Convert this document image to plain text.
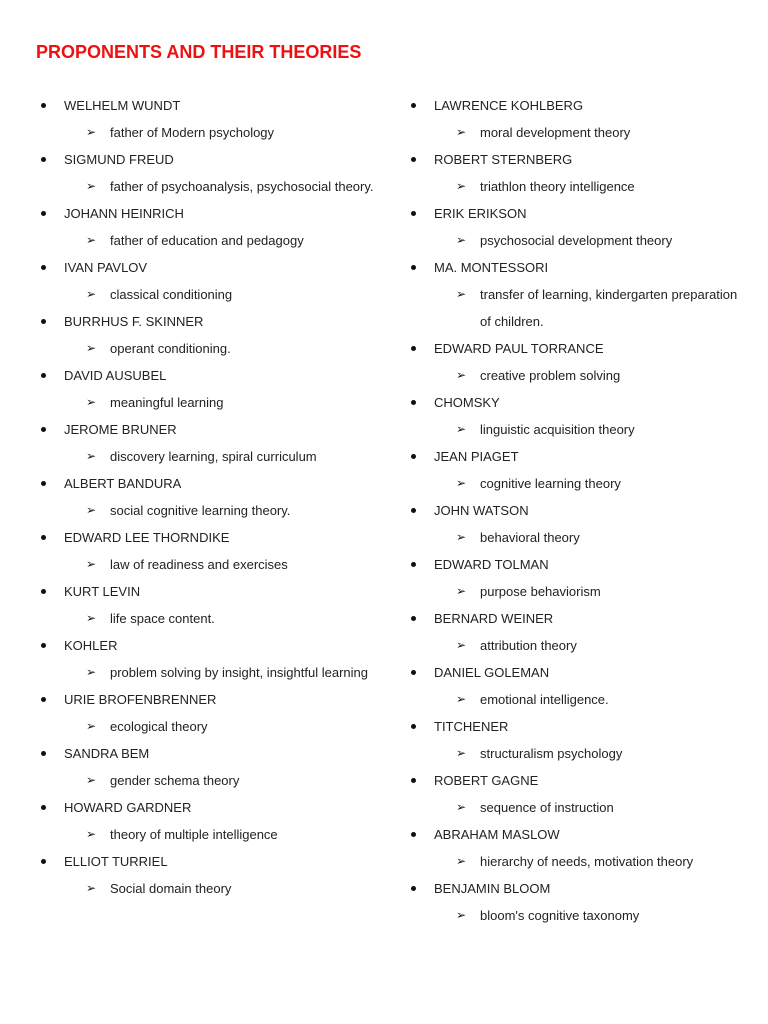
PROPONENTS AND THEIR THEORIES
WELHELM WUNDT
➢ father of Modern psychology
SIGMUND FREUD
➢ father of psychoanalysis, psychosocial theory.
JOHANN HEINRICH
➢ father of education and pedagogy
IVAN PAVLOV
➢ classical conditioning
BURRHUS F. SKINNER
➢ operant conditioning.
DAVID AUSUBEL
➢ meaningful learning
JEROME BRUNER
➢ discovery learning, spiral curriculum
ALBERT BANDURA
➢ social cognitive learning theory.
EDWARD LEE THORNDIKE
➢ law of readiness and exercises
KURT LEVIN
➢ life space content.
KOHLER
➢ problem solving by insight, insightful learning
URIE BROFENBRENNER
➢ ecological theory
SANDRA BEM
➢ gender schema theory
HOWARD GARDNER
➢ theory of multiple intelligence
ELLIOT TURRIEL
➢ Social domain theory
LAWRENCE KOHLBERG
➢ moral development theory
ROBERT STERNBERG
➢ triathlon theory intelligence
ERIK ERIKSON
➢ psychosocial development theory
MA. MONTESSORI
➢ transfer of learning, kindergarten preparation of children.
EDWARD PAUL TORRANCE
➢ creative problem solving
CHOMSKY
➢ linguistic acquisition theory
JEAN PIAGET
➢ cognitive learning theory
JOHN WATSON
➢ behavioral theory
EDWARD TOLMAN
➢ purpose behaviorism
BERNARD WEINER
➢ attribution theory
DANIEL GOLEMAN
➢ emotional intelligence.
TITCHENER
➢ structuralism psychology
ROBERT GAGNE
➢ sequence of instruction
ABRAHAM MASLOW
➢ hierarchy of needs, motivation theory
BENJAMIN BLOOM
➢ bloom's cognitive taxonomy
